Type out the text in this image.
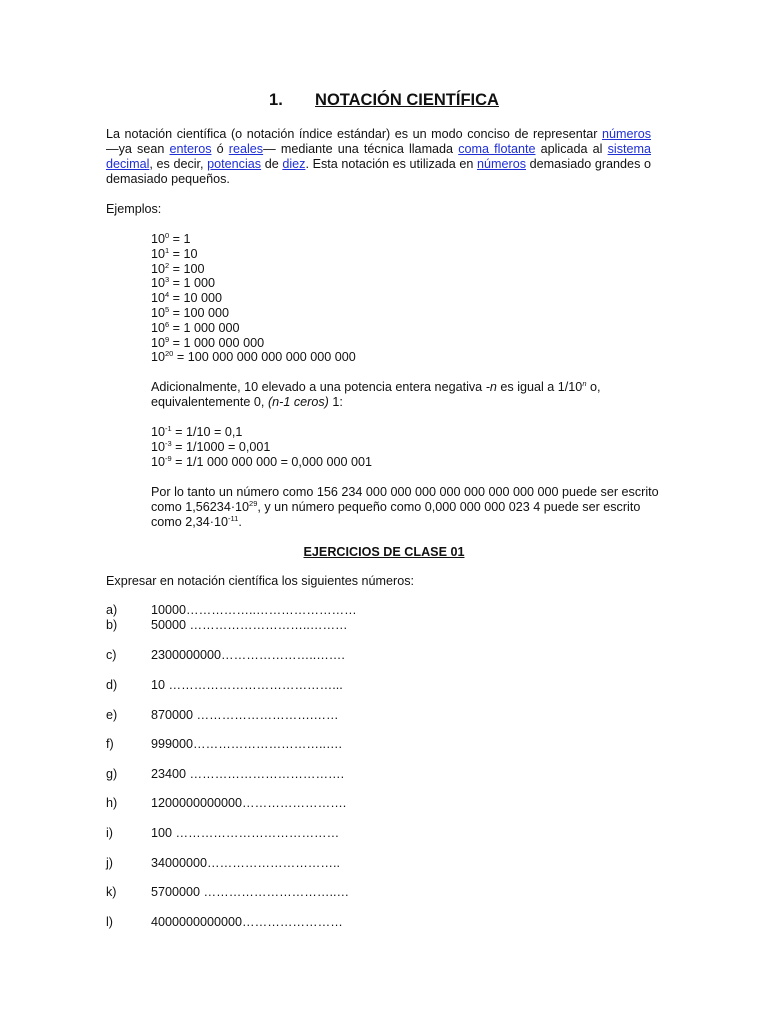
1. NOTACIÓN CIENTÍFICA
La notación científica (o notación índice estándar) es un modo conciso de representar números —ya sean enteros ó reales— mediante una técnica llamada coma flotante aplicada al sistema decimal, es decir, potencias de diez. Esta notación es utilizada en números demasiado grandes o demasiado pequeños.
Ejemplos:
$10^0 = 1$
$10^1 = 10$
$10^2 = 100$
$10^3 = 1$ 000
$10^4 = 10$ 000
$10^5 = 100$ 000
$10^6 = 1$ 000 000
$10^9 = 1$ 000 000 000
$10^{20} = 100$ 000 000 000 000 000 000
Adicionalmente, 10 elevado a una potencia entera negativa -n es igual a 1/10$^n$ o, equivalentemente 0, (n-1 ceros) 1:
$10^{-1} = 1/10 = 0,1$
$10^{-3} = 1/1000 = 0,001$
$10^{-9} = 1/1$ 000 000 000 = 0,000 000 001
Por lo tanto un número como 156 234 000 000 000 000 000 000 000 000 puede ser escrito como $1,56234\cdot 10^{29}$, y un número pequeño como 0,000 000 000 023 4 puede ser escrito como $2,34\cdot 10^{-11}$.
EJERCICIOS DE CLASE 01
Expresar en notación científica los siguientes números:
a)	10000……………..……………………
b)	50000 ………………………..………
c)	2300000000…………………..…….
d)	10 …………………………………...
e)	870000 ……………………….……
f)	999000…………………………..….
g)	23400 ……………………………….
h)	1200000000000…………………….
i)	100 …………………………………
j)	34000000…………………………..
k)	5700000 …………………………..…
l)	4000000000000……………………
